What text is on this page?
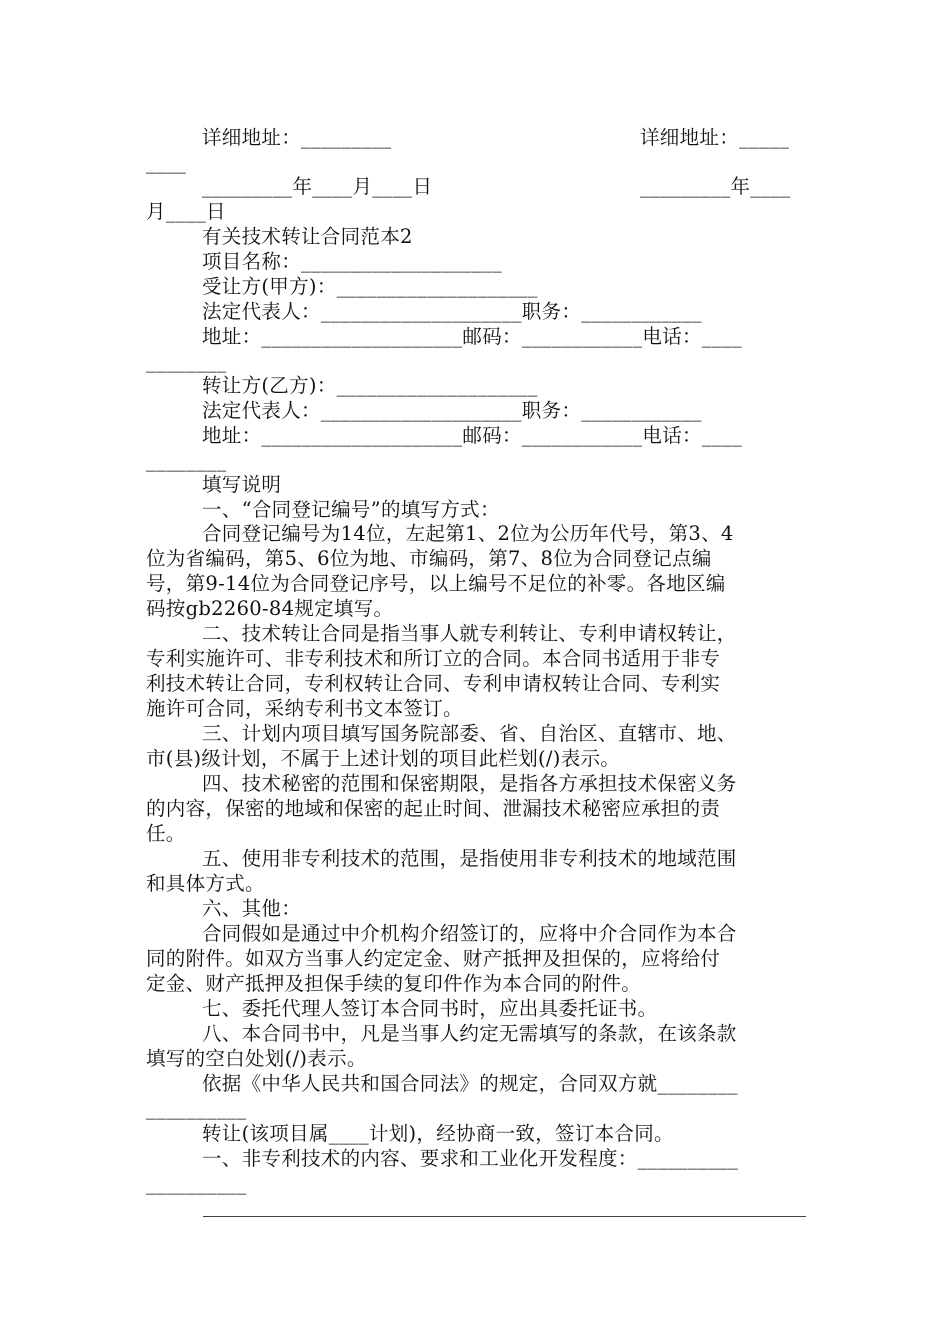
详细地址：_____
_________年____
详细地址：_________
____
_________年____月____日
月____日
有关技术转让合同范本2
项目名称：____________________
受让方(甲方)：____________________
法定代表人：____________________职务：____________
地址：____________________邮码：____________电话：____
________
转让方(乙方)：____________________
法定代表人：____________________职务：____________
地址：____________________邮码：____________电话：____
________
填写说明
一、“合同登记编号”的填写方式：
合同登记编号为14位，左起第1、2位为公历年代号，第3、4
位为省编码，第5、6位为地、市编码，第7、8位为合同登记点编
号，第9-14位为合同登记序号，以上编号不足位的补零。各地区编
码按gb2260-84规定填写。
二、技术转让合同是指当事人就专利转让、专利申请权转让，
专利实施许可、非专利技术和所订立的合同。本合同书适用于非专
利技术转让合同，专利权转让合同、专利申请权转让合同、专利实
施许可合同，采纳专利书文本签订。
三、计划内项目填写国务院部委、省、自治区、直辖市、地、
市(县)级计划，不属于上述计划的项目此栏划(/)表示。
四、技术秘密的范围和保密期限，是指各方承担技术保密义务
的内容，保密的地域和保密的起止时间、泄漏技术秘密应承担的责
任。
五、使用非专利技术的范围，是指使用非专利技术的地域范围
和具体方式。
六、其他：
合同假如是通过中介机构介绍签订的，应将中介合同作为本合
同的附件。如双方当事人约定定金、财产抵押及担保的，应将给付
定金、财产抵押及担保手续的复印件作为本合同的附件。
七、委托代理人签订本合同书时，应出具委托证书。
八、本合同书中，凡是当事人约定无需填写的条款，在该条款
填写的空白处划(/)表示。
依据《中华人民共和国合同法》的规定，合同双方就________
__________
转让(该项目属____计划)，经协商一致，签订本合同。
一、非专利技术的内容、要求和工业化开发程度：__________
__________
